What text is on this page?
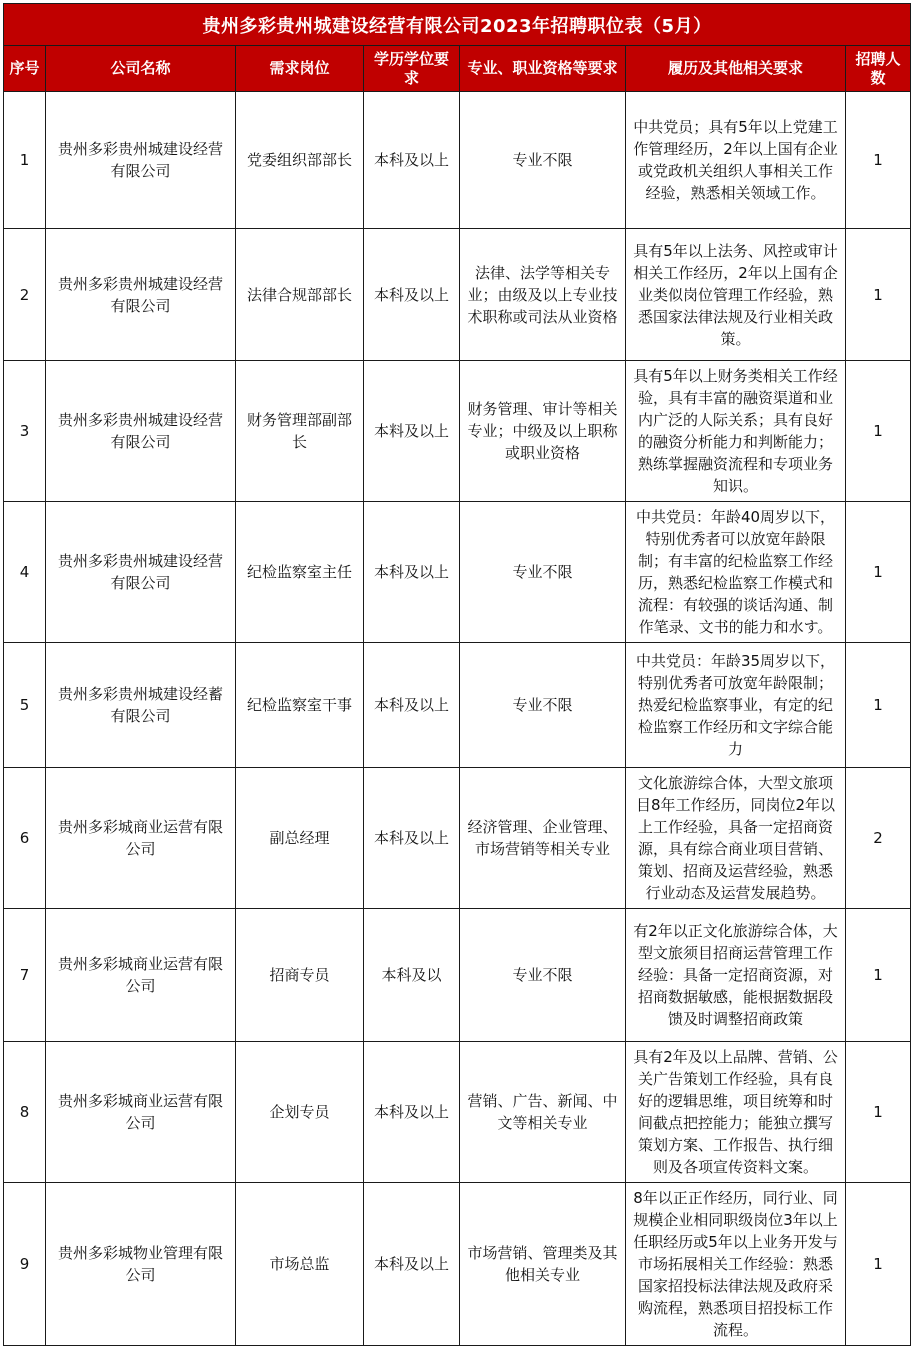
贵州多彩贵州城建设经营有限公司2023年招聘职位表（5月）						
序号	公司名称	需求岗位	学历学位要求	专业、职业资格等要求	履历及其他相关要求	招聘人数
1	贵州多彩贵州城建设经营有限公司	党委组织部部长	本科及以上	专业不限	中共党员；具有5年以上党建工作管理经历，2年以上国有企业或党政机关组织人事相关工作经验，熟悉相关领域工作。	1
2	贵州多彩贵州城建设经营有限公司	法律合规部部长	本科及以上	法律、法学等相关专业；由级及以上专业技术职称或司法从业资格	具有5年以上法务、风控或审计相关工作经历，2年以上国有企业类似岗位管理工作经验，熟悉国家法律法规及行业相关政策。	1
3	贵州多彩贵州城建设经营有限公司	财务管理部副部长	本料及以上	财务管理、审计等相关专业；中级及以上职称或职业资格	具有5年以上财务类相关工作经验，具有丰富的融资渠道和业内广泛的人际关系；具有良好的融资分析能力和判断能力；熟练掌握融资流程和专项业务知识。	1
4	贵州多彩贵州城建设经营有限公司	纪检监察室主任	本科及以上	专业不限	中共党员：年龄40周岁以下，特别优秀者可以放宽年龄限制；有丰富的纪检监察工作经历，熟悉纪检监察工作模式和流程：有较强的谈话沟通、制作笔录、文书的能力和水す。	1
5	贵州多彩贵州城建设经蓄有限公司	纪检监察室干事	本科及以上	专业不限	中共党员：年龄35周岁以下，特别优秀者可放宽年龄限制；热爱纪检监察事业，有定的纪检监察工作经历和文字综合能力	1
6	贵州多彩城商业运营有限公司	副总经理	本科及以上	经济管理、企业管理、市场营销等相关专业	文化旅游综合体，大型文旅项目8年工作经历，同岗位2年以上工作经验，具备一定招商资源，具有综合商业项目营销、策划、招商及运营经验，熟悉行业动态及运营发展趋势。	2
7	贵州多彩城商业运营有限公司	招商专员	本科及以	专业不限	有2年以正文化旅游综合体，大型文旅须目招商运营管理工作经验：具备一定招商资源，对招商数据敏感，能根据数据段馈及时调整招商政策	1
8	贵州多彩城商业运营有限公司	企划专员	本科及以上	营销、广告、新闻、中文等相关专业	具有2年及以上品牌、营销、公关广告策划工作经验，具有良好的逻辑思维，项目统筹和时间截点把控能力；能独立撰写策划方案、工作报告、执行细则及各项宣传资料文案。	1
9	贵州多彩城物业管理有限公司	市场总监	本科及以上	市场营销、管理类及其他相关专业	8年以正正作经历，同行业、同规模企业相同职级岗位3年以上任职经历或5年以上业务开发与市场拓展相关工作经验：熟悉国家招投标法律法规及政府采购流程，熟悉项目招投标工作流程。	1
